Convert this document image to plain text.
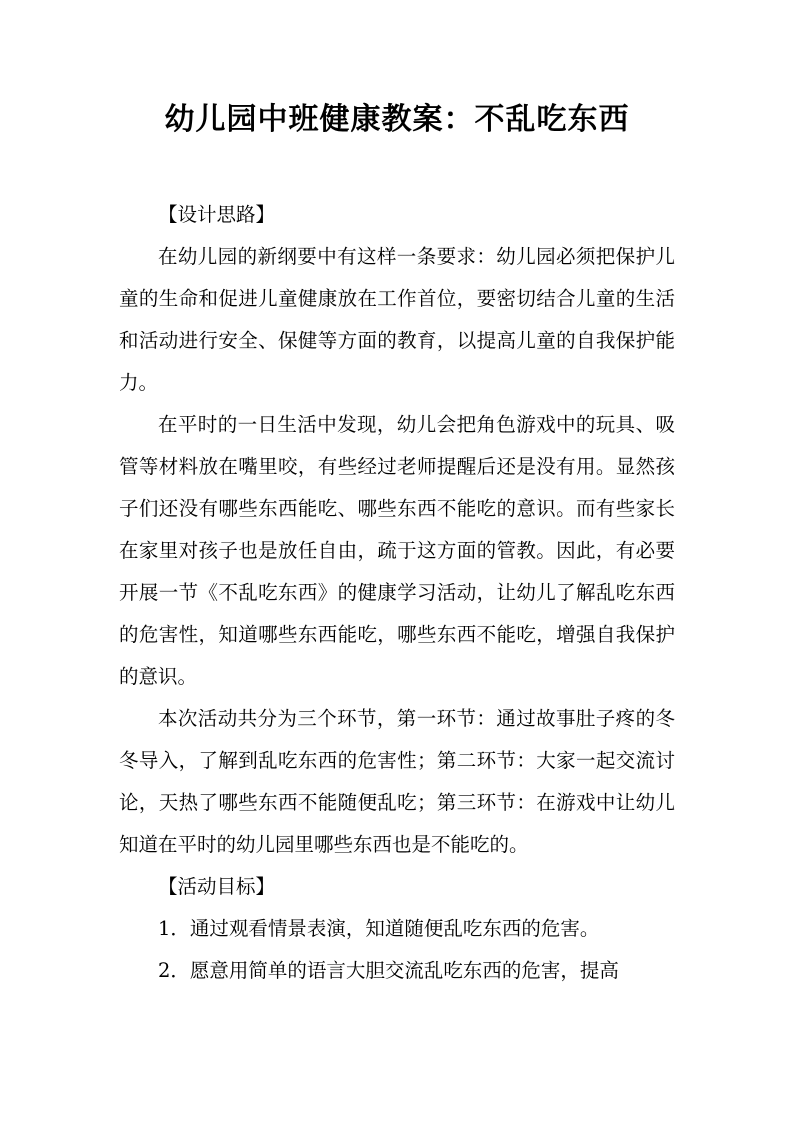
幼儿园中班健康教案：不乱吃东西
【设计思路】

在幼儿园的新纲要中有这样一条要求：幼儿园必须把保护儿童的生命和促进儿童健康放在工作首位，要密切结合儿童的生活和活动进行安全、保健等方面的教育，以提高儿童的自我保护能力。

在平时的一日生活中发现，幼儿会把角色游戏中的玩具、吸管等材料放在嘴里咬，有些经过老师提醒后还是没有用。显然孩子们还没有哪些东西能吃、哪些东西不能吃的意识。而有些家长在家里对孩子也是放任自由，疏于这方面的管教。因此，有必要开展一节《不乱吃东西》的健康学习活动，让幼儿了解乱吃东西的危害性，知道哪些东西能吃，哪些东西不能吃，增强自我保护的意识。

本次活动共分为三个环节，第一环节：通过故事肚子疼的冬冬导入，了解到乱吃东西的危害性；第二环节：大家一起交流讨论，天热了哪些东西不能随便乱吃；第三环节：在游戏中让幼儿知道在平时的幼儿园里哪些东西也是不能吃的。

【活动目标】
1．通过观看情景表演，知道随便乱吃东西的危害。
2．愿意用简单的语言大胆交流乱吃东西的危害，提高
